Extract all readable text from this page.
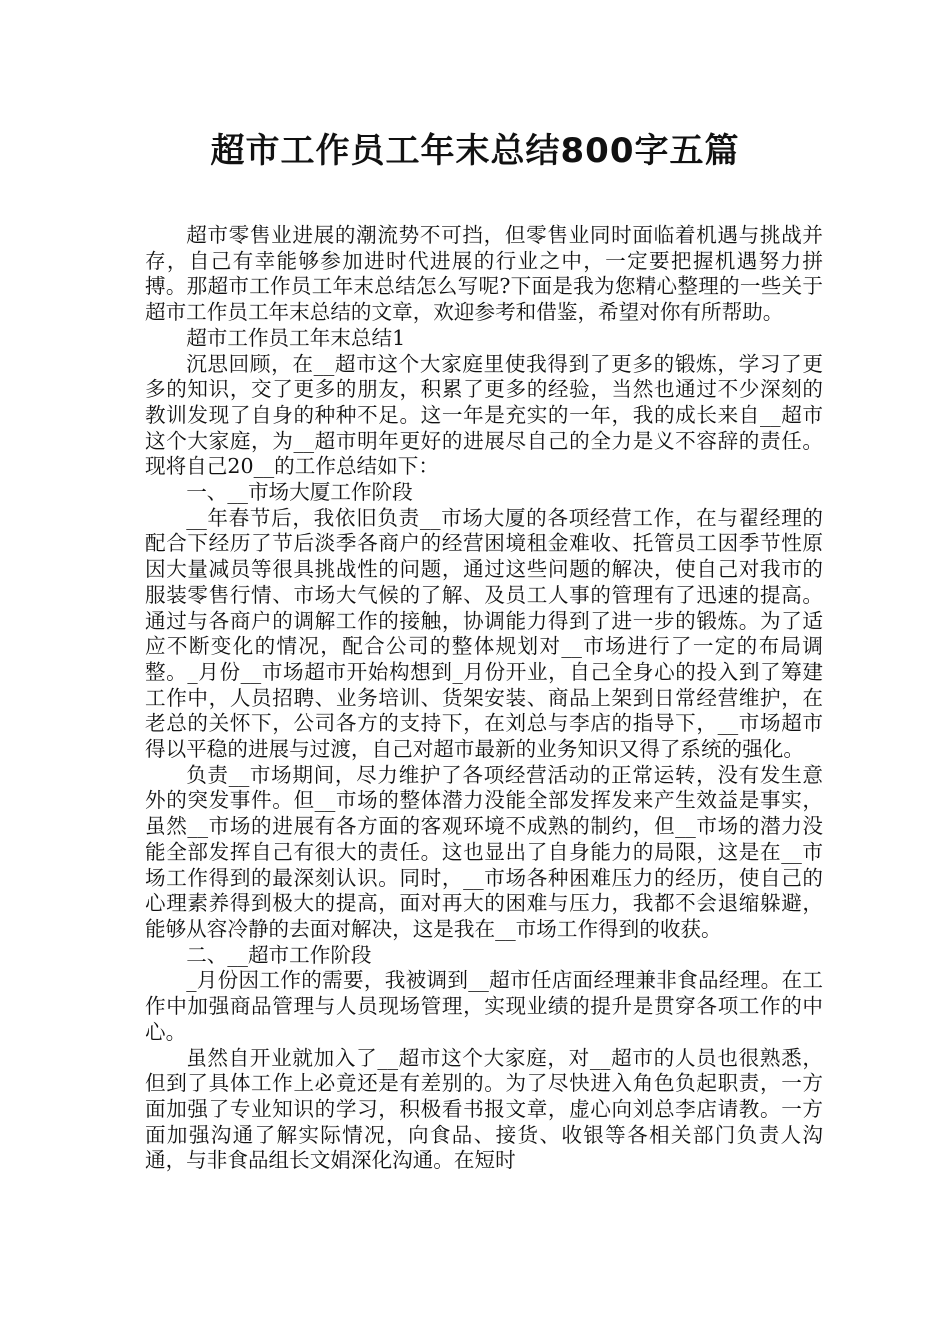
超市工作员工年末总结800字五篇

超市零售业进展的潮流势不可挡，但零售业同时面临着机遇与挑战并存，自己有幸能够参加进时代进展的行业之中，一定要把握机遇努力拼搏。那超市工作员工年末总结怎么写呢?下面是我为您精心整理的一些关于超市工作员工年末总结的文章，欢迎参考和借鉴，希望对你有所帮助。

超市工作员工年末总结1

沉思回顾，在__超市这个大家庭里使我得到了更多的锻炼，学习了更多的知识，交了更多的朋友，积累了更多的经验，当然也通过不少深刻的教训发现了自身的种种不足。这一年是充实的一年，我的成长来自__超市这个大家庭，为__超市明年更好的进展尽自己的全力是义不容辞的责任。现将自己20__的工作总结如下：

一、__市场大厦工作阶段

__年春节后，我依旧负责__市场大厦的各项经营工作，在与翟经理的配合下经历了节后淡季各商户的经营困境租金难收、托管员工因季节性原因大量减员等很具挑战性的问题，通过这些问题的解决，使自己对我市的服装零售行情、市场大气候的了解、及员工人事的管理有了迅速的提高。通过与各商户的调解工作的接触，协调能力得到了进一步的锻炼。为了适应不断变化的情况，配合公司的整体规划对__市场进行了一定的布局调整。_月份__市场超市开始构想到_月份开业，自己全身心的投入到了筹建工作中，人员招聘、业务培训、货架安装、商品上架到日常经营维护，在老总的关怀下，公司各方的支持下，在刘总与李店的指导下，__市场超市得以平稳的进展与过渡，自己对超市最新的业务知识又得了系统的强化。

负责__市场期间，尽力维护了各项经营活动的正常运转，没有发生意外的突发事件。但__市场的整体潜力没能全部发挥发来产生效益是事实，虽然__市场的进展有各方面的客观环境不成熟的制约，但__市场的潜力没能全部发挥自己有很大的责任。这也显出了自身能力的局限，这是在__市场工作得到的最深刻认识。同时，__市场各种困难压力的经历，使自己的心理素养得到极大的提高，面对再大的困难与压力，我都不会退缩躲避，能够从容冷静的去面对解决，这是我在__市场工作得到的收获。

二、__超市工作阶段

_月份因工作的需要，我被调到__超市任店面经理兼非食品经理。在工作中加强商品管理与人员现场管理，实现业绩的提升是贯穿各项工作的中心。

虽然自开业就加入了__超市这个大家庭，对__超市的人员也很熟悉，但到了具体工作上必竟还是有差别的。为了尽快进入角色负起职责，一方面加强了专业知识的学习，积极看书报文章，虚心向刘总李店请教。一方面加强沟通了解实际情况，向食品、接货、收银等各相关部门负责人沟通，与非食品组长文娟深化沟通。在短时
